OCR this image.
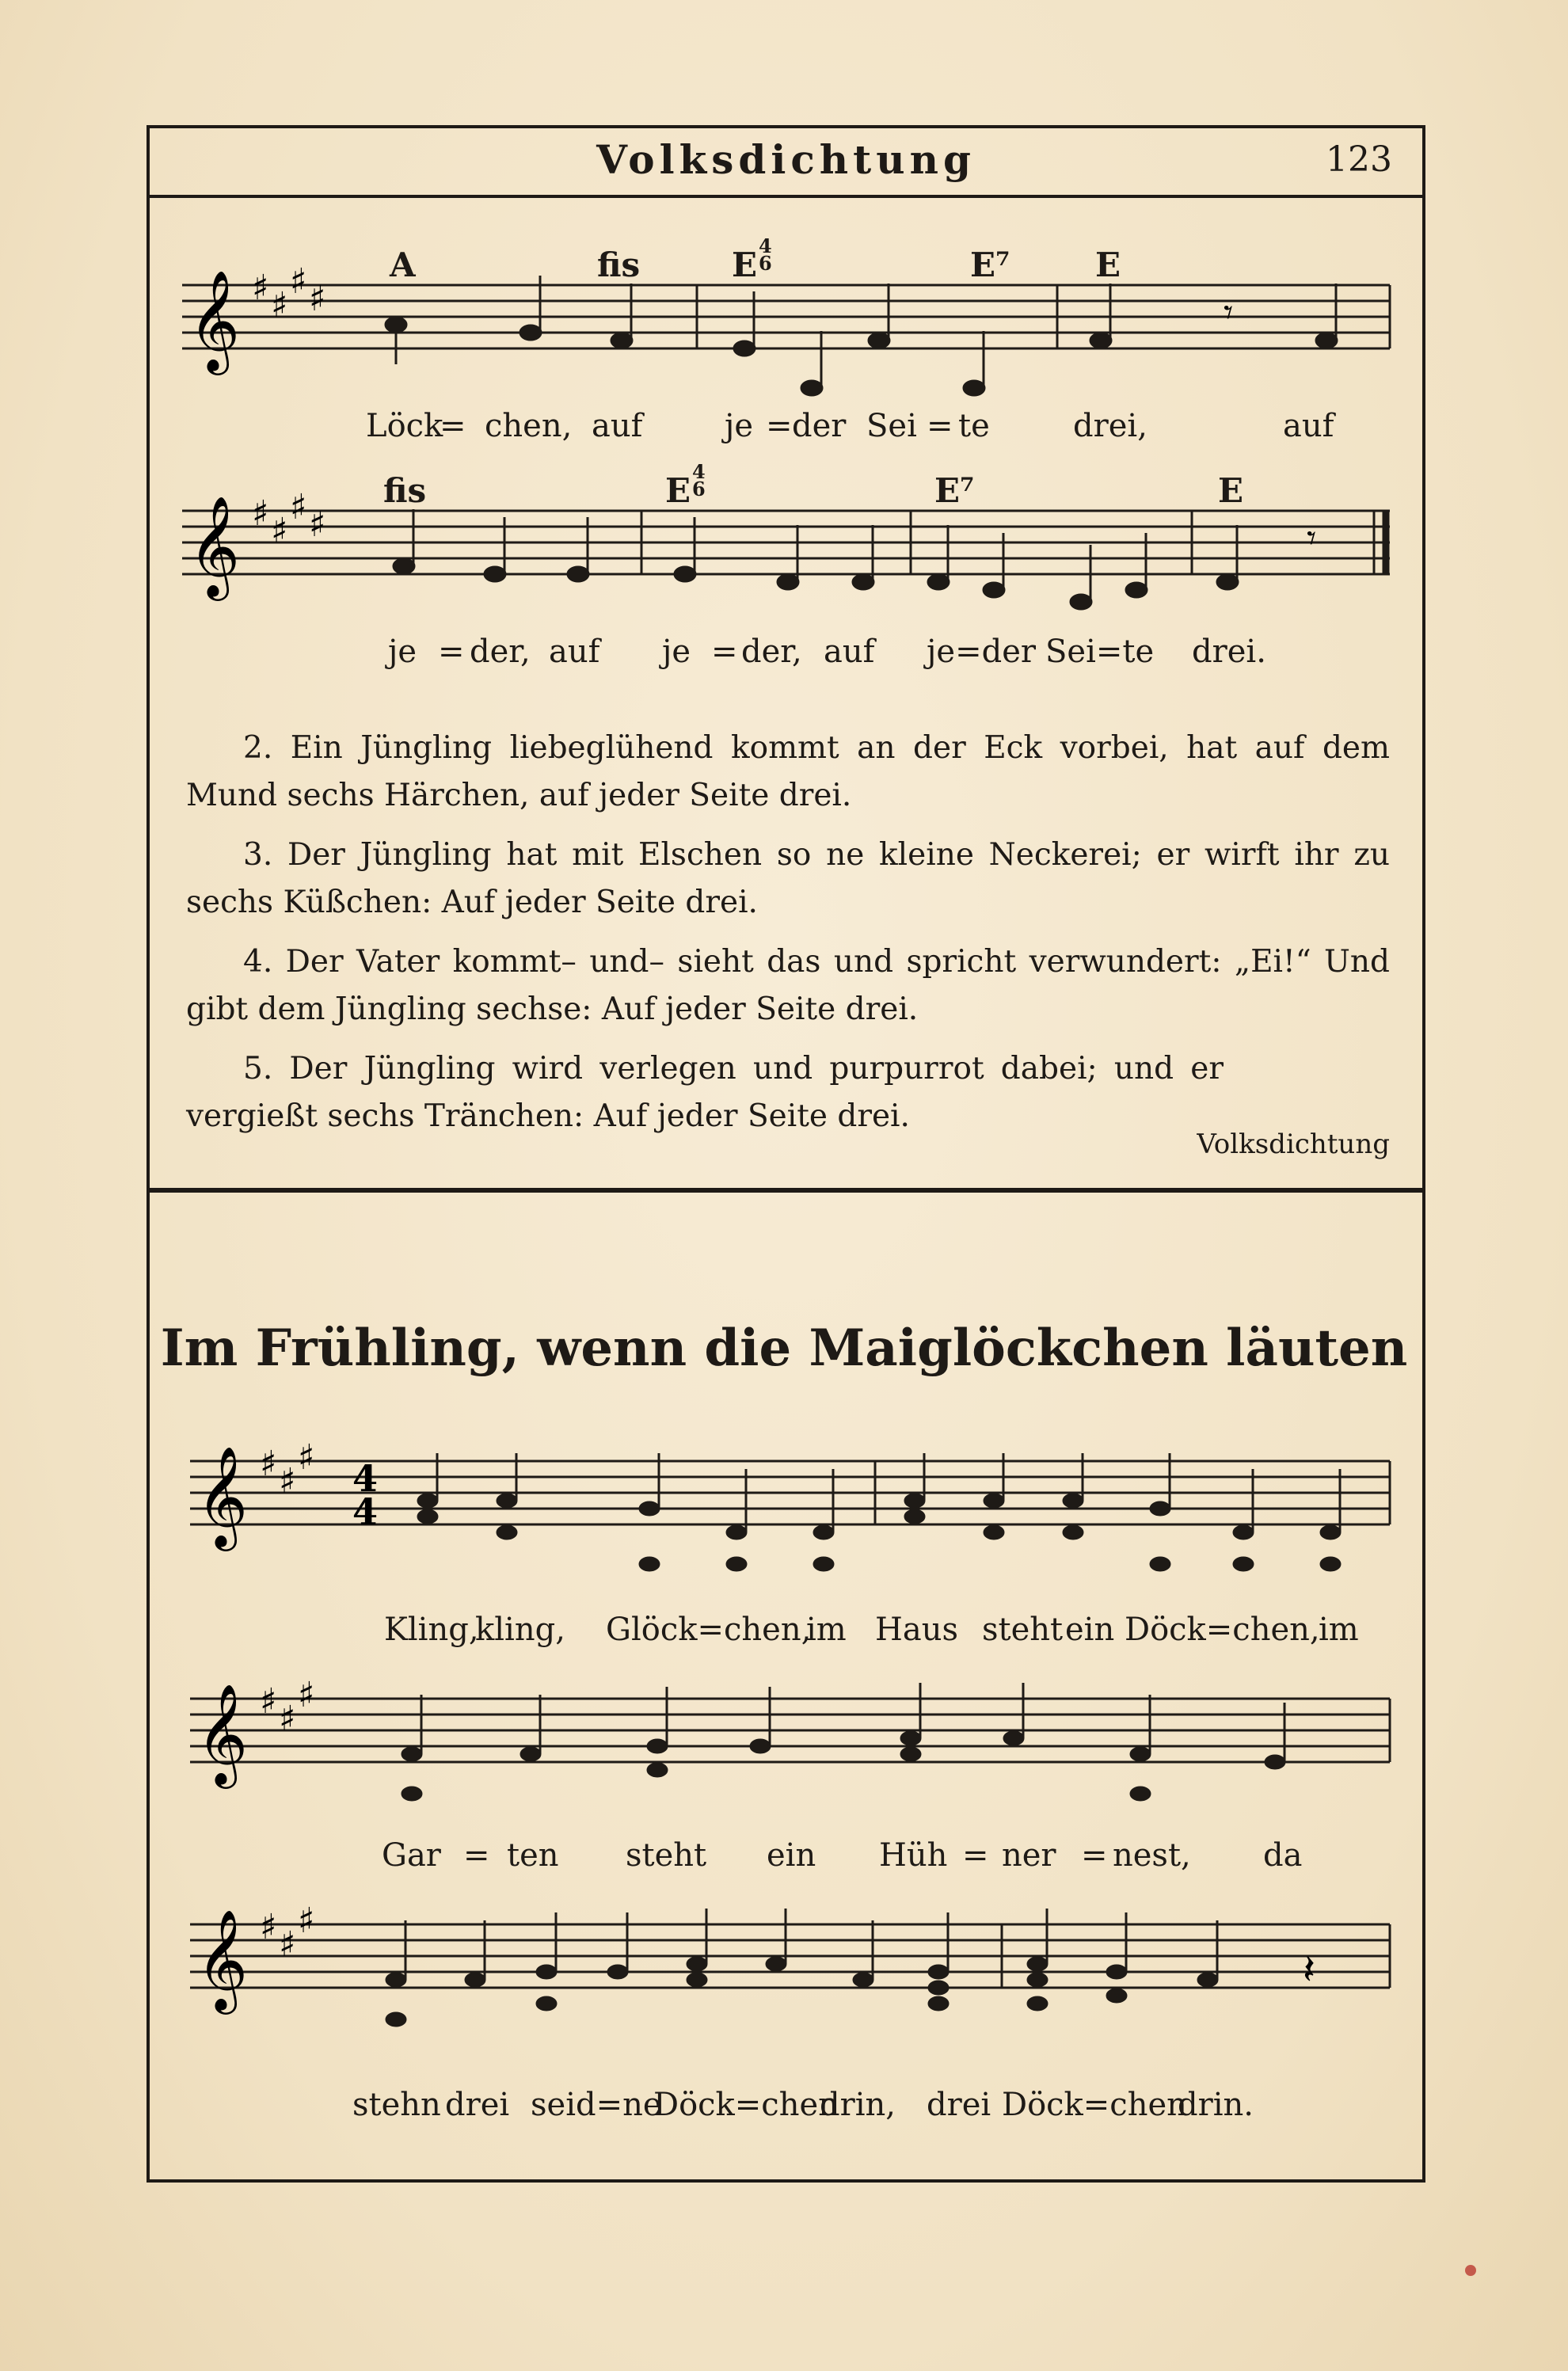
Volksdichtung	123
𝄞 ♯ ♯
♯ ♯	𝄾
A	fis	E 4
6	E⁷	E
Löck
= chen, auf	je = der Sei = te	drei,	auf
𝄞 ♯ ♯
♯ ♯	𝄾
fis	E 4
6	E⁷	E
je = der, auf je = der, auf je=der Sei=te drei.
2. Ein Jüngling liebeglühend kommt an der Eck vorbei, hat auf dem Mund sechs Härchen, auf jeder Seite drei.
3. Der Jüngling hat mit Elschen so ne kleine Neckerei; er wirft ihr zu sechs Küßchen: Auf jeder Seite drei.
4. Der Vater kommt– und– sieht das und spricht verwundert: „Ei!“ Und gibt dem Jüngling sechse: Auf jeder Seite drei.
5. Der Jüngling wird verlegen und purpurrot dabei; und er vergießt sechs Tränchen: Auf jeder Seite drei.
Volksdichtung
Im Frühling, wenn die Maiglöckchen läuten
𝄞 ♯ ♯
♯ 4
4
Kling,
kling, Glöck=chen,
im Haus steht ein Döck=chen,
im
𝄞 ♯ ♯
♯
Gar = ten steht ein Hüh = ner = nest, da
𝄞 ♯ ♯
♯
𝄽
stehn drei seid=ne
Döck=chen
drin, drei Döck=chen
drin.
